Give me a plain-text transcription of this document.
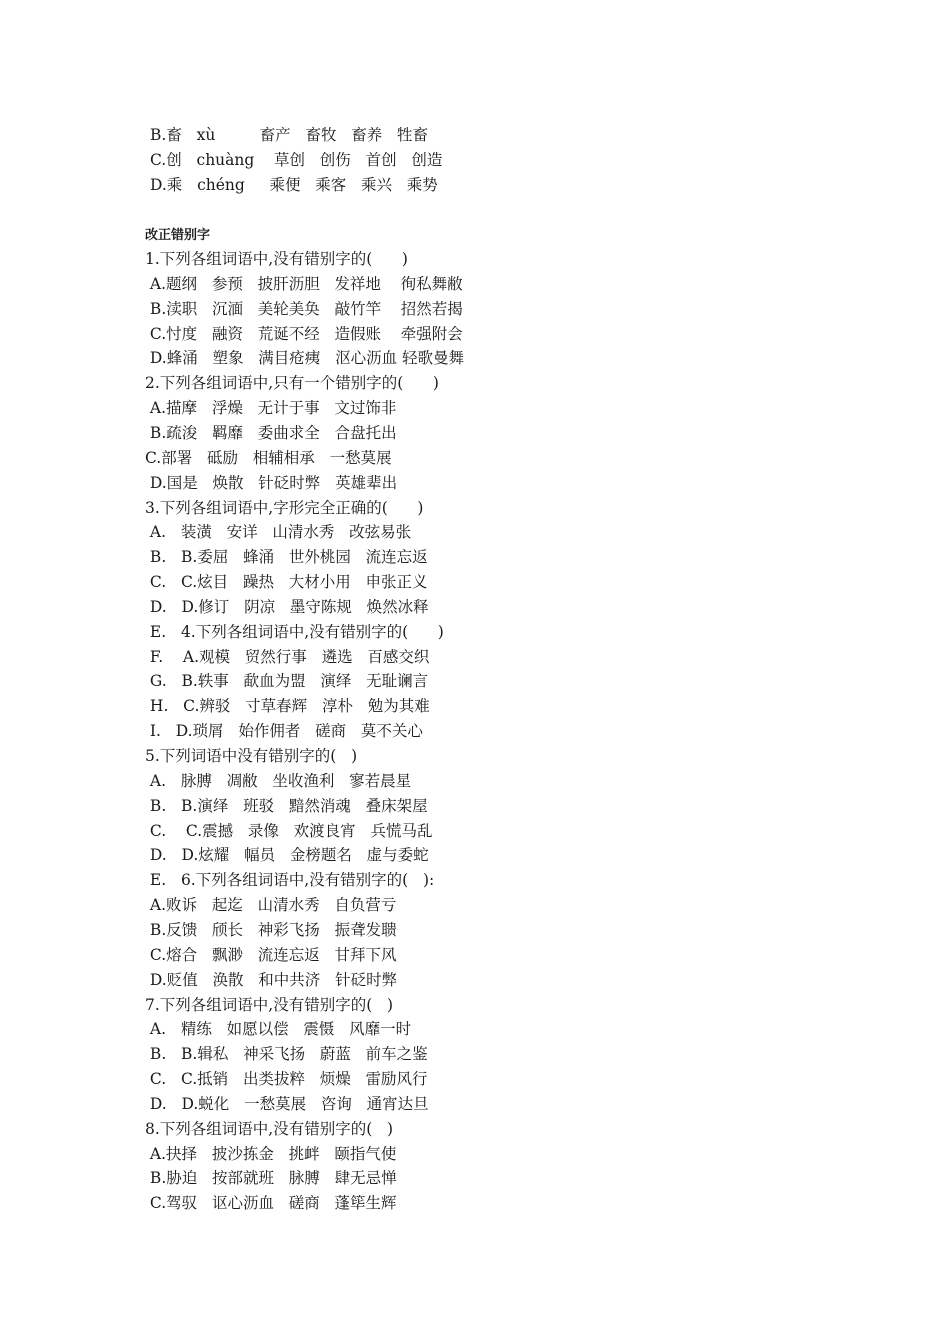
B.畜   xù         畜产   畜牧   畜养   牲畜

C.创   chuàng    草创   创伤   首创   创造

D.乘   chéng     乘便   乘客   乘兴   乘势

改正错别字

1.下列各组词语中,没有错别字的(      )

A.题纲   参预   披肝沥胆   发祥地    徇私舞敝

B.渎职   沉湎   美轮美奂   敲竹竿    招然若揭

C.忖度   融资   荒诞不经   造假账    牵强附会

D.蜂涌   塑象   满目疮痍   沤心沥血 轻歌曼舞

2.下列各组词语中,只有一个错别字的(      )

A.描摩   浮燥   无计于事   文过饰非

B.疏浚   羁靡   委曲求全   合盘托出

C.部署   砥励   相辅相承   一愁莫展

D.国是   焕散   针砭时弊   英雄辈出

3.下列各组词语中,字形完全正确的(      )

A.   装潢   安详   山清水秀   改弦易张

B.   B.委屈   蜂涌   世外桃园   流连忘返

C.   C.炫目   躁热   大材小用   申张正义

D.   D.修订   阴凉   墨守陈规   焕然冰释

E.   4.下列各组词语中,没有错别字的(      )

F.    A.观模   贸然行事   遴选   百感交织

G.   B.轶事   歃血为盟   演绎   无耻谰言

H.   C.辨驳   寸草春辉   淳朴   勉为其难

I.   D.琐屑   始作佣者   磋商   莫不关心

5.下列词语中没有错别字的(   )

A.   脉膊   凋敝   坐收渔利   寥若晨星

B.   B.演绎   班驳   黯然消魂   叠床架屋

C.    C.震撼   录像   欢渡良宵   兵慌马乱

D.   D.炫耀   幅员   金榜题名   虚与委蛇

E.   6.下列各组词语中,没有错别字的(   ):

A.败诉   起迄   山清水秀   自负营亏

B.反馈   颀长   神彩飞扬   振聋发聩

C.熔合   飘渺   流连忘返   甘拜下风

D.贬值   涣散   和中共济   针砭时弊

7.下列各组词语中,没有错别字的(   )

A.   精练   如愿以偿   震慑   风靡一时

B.   B.辑私   神采飞扬   蔚蓝   前车之鉴

C.   C.抵销   出类拔粹   烦燥   雷励风行

D.   D.蜕化   一愁莫展   咨询   通宵达旦

8.下列各组词语中,没有错别字的(   )

A.抉择   披沙拣金   挑衅   颐指气使

B.胁迫   按部就班   脉膊   肆无忌惮

C.驾驭   讴心沥血   磋商   蓬筚生辉
